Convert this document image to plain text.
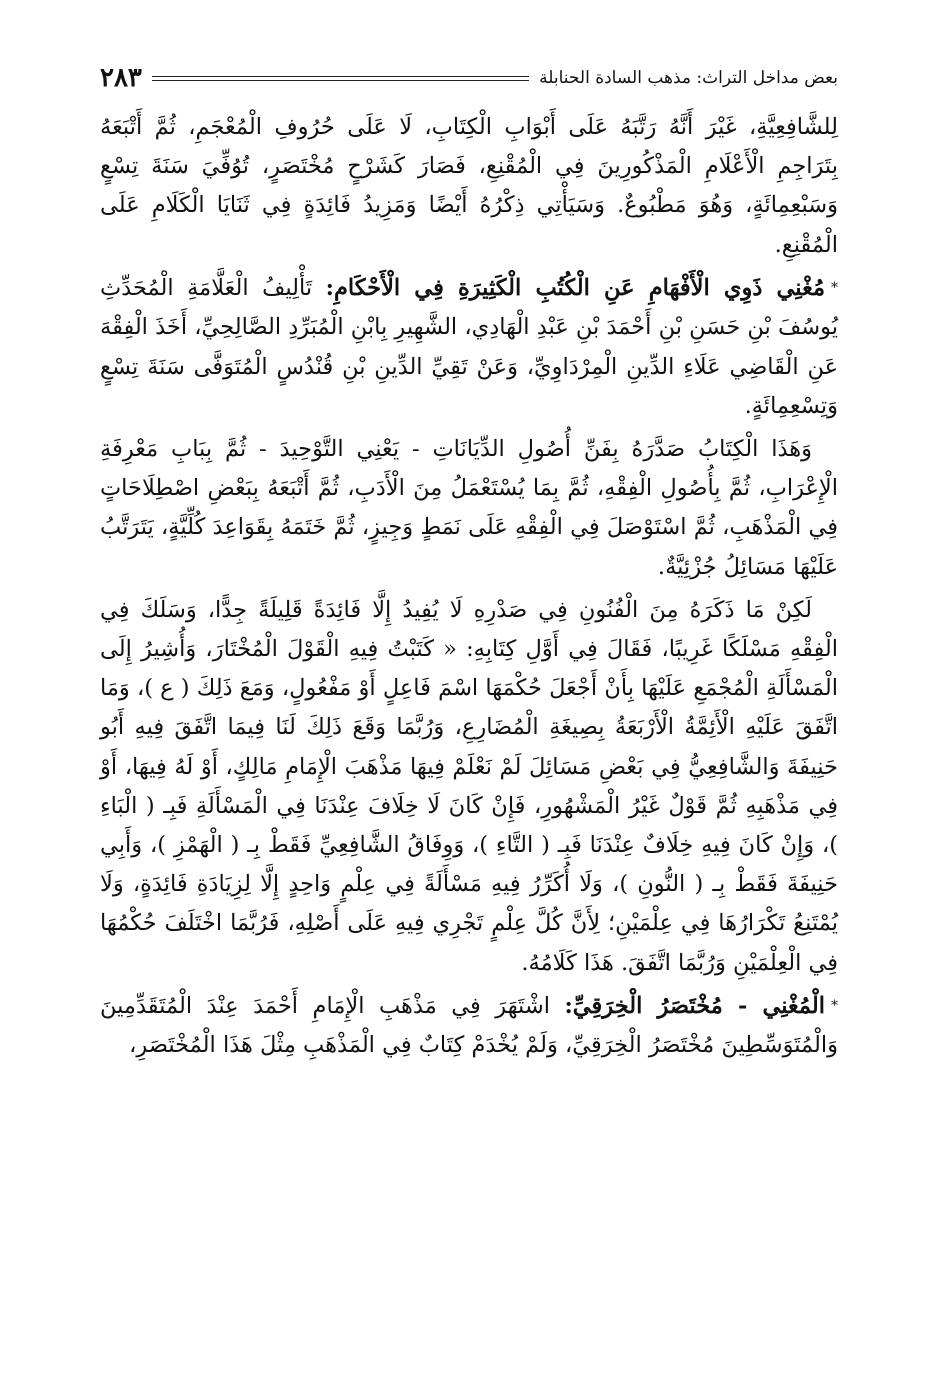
بعض مداخل التراث: مذهب السادة الحنابلة
٢٨٣

لِلشَّافِعِيَّةِ، غَيْرَ أَنَّهُ رَتَّبَهُ عَلَى أَبْوَابِ الْكِتَابِ، لَا عَلَى حُرُوفِ الْمُعْجَمِ، ثُمَّ أَتْبَعَهُ بِتَرَاجِمِ الْأَعْلَامِ الْمَذْكُورِينَ فِي الْمُقْنِعِ، فَصَارَ كَشَرْحٍ مُخْتَصَرٍ، تُوُفِّيَ سَنَةَ تِسْعٍ وَسَبْعِمِائَةٍ، وَهُوَ مَطْبُوعٌ. وَسَيَأْتِي ذِكْرُهُ أَيْضًا وَمَزِيدُ فَائِدَةٍ فِي ثَنَايَا الْكَلَامِ عَلَى الْمُقْنِعِ.

*مُغْنِي ذَوِي الْأَفْهَامِ عَنِ الْكُتُبِ الْكَثِيرَةِ فِي الْأَحْكَامِ: تَأْلِيفُ الْعَلَّامَةِ الْمُحَدِّثِ يُوسُفَ بْنِ حَسَنِ بْنِ أَحْمَدَ بْنِ عَبْدِ الْهَادِي، الشَّهِيرِ بِابْنِ الْمُبَرِّدِ الصَّالِحِيِّ، أَخَذَ الْفِقْهَ عَنِ الْقَاضِي عَلَاءِ الدِّينِ الْمِرْدَاوِيِّ، وَعَنْ تَقِيِّ الدِّينِ بْنِ قُنْدُسٍ الْمُتَوَفَّى سَنَةَ تِسْعٍ وَتِسْعِمِائَةٍ.

وَهَذَا الْكِتَابُ صَدَّرَهُ بِفَنِّ أُصُولِ الدِّيَانَاتِ - يَعْنِي التَّوْحِيدَ - ثُمَّ بِبَابِ مَعْرِفَةِ الْإِعْرَابِ، ثُمَّ بِأُصُولِ الْفِقْهِ، ثُمَّ بِمَا يُسْتَعْمَلُ مِنَ الْأَدَبِ، ثُمَّ أَتْبَعَهُ بِبَعْضِ اصْطِلَاحَاتٍ فِي الْمَذْهَبِ، ثُمَّ اسْتَوْصَلَ فِي الْفِقْهِ عَلَى نَمَطٍ وَجِيزٍ، ثُمَّ خَتَمَهُ بِقَوَاعِدَ كُلِّيَّةٍ، يَتَرَتَّبُ عَلَيْهَا مَسَائِلُ جُزْئِيَّةٌ.

لَكِنْ مَا ذَكَرَهُ مِنَ الْفُنُونِ فِي صَدْرِهِ لَا يُفِيدُ إِلَّا فَائِدَةً قَلِيلَةً جِدًّا، وَسَلَكَ فِي الْفِقْهِ مَسْلَكًا غَرِيبًا، فَقَالَ فِي أَوَّلِ كِتَابِهِ: « كَتَبْتُ فِيهِ الْقَوْلَ الْمُخْتَارَ، وَأُشِيرُ إِلَى الْمَسْأَلَةِ الْمُجْمَعِ عَلَيْهَا بِأَنْ أَجْعَلَ حُكْمَهَا اسْمَ فَاعِلٍ أَوْ مَفْعُولٍ، وَمَعَ ذَلِكَ ( ع )، وَمَا اتَّفَقَ عَلَيْهِ الْأَئِمَّةُ الْأَرْبَعَةُ بِصِيغَةِ الْمُضَارِعِ، وَرُبَّمَا وَقَعَ ذَلِكَ لَنَا فِيمَا اتَّفَقَ فِيهِ أَبُو حَنِيفَةَ وَالشَّافِعِيُّ فِي بَعْضِ مَسَائِلَ لَمْ نَعْلَمْ فِيهَا مَذْهَبَ الْإِمَامِ مَالِكٍ، أَوْ لَهُ فِيهَا، أَوْ فِي مَذْهَبِهِ ثُمَّ قَوْلٌ غَيْرُ الْمَشْهُورِ، فَإِنْ كَانَ لَا خِلَافَ عِنْدَنَا فِي الْمَسْأَلَةِ فَبِـ ( الْبَاءِ )، وَإِنْ كَانَ فِيهِ خِلَافٌ عِنْدَنَا فَبِـ ( التَّاءِ )، وَوِفَاقُ الشَّافِعِيِّ فَقَطْ بِـ ( الْهَمْزِ )، وَأَبِي حَنِيفَةَ فَقَطْ بِـ ( النُّونِ )، وَلَا أُكَرِّرُ فِيهِ مَسْأَلَةً فِي عِلْمٍ وَاحِدٍ إِلَّا لِزِيَادَةِ فَائِدَةٍ، وَلَا يُمْتَنِعُ تَكْرَارُهَا فِي عِلْمَيْنِ؛ لِأَنَّ كُلَّ عِلْمٍ تَجْرِي فِيهِ عَلَى أَصْلِهِ، فَرُبَّمَا اخْتَلَفَ حُكْمُهَا فِي الْعِلْمَيْنِ وَرُبَّمَا اتَّفَقَ. هَذَا كَلَامُهُ.

*الْمُغْنِي - مُخْتَصَرُ الْخِرَقِيِّ: اشْتَهَرَ فِي مَذْهَبِ الْإِمَامِ أَحْمَدَ عِنْدَ الْمُتَقَدِّمِينَ وَالْمُتَوَسِّطِينَ مُخْتَصَرُ الْخِرَقِيِّ، وَلَمْ يُخْدَمْ كِتَابٌ فِي الْمَذْهَبِ مِثْلَ هَذَا الْمُخْتَصَرِ،
